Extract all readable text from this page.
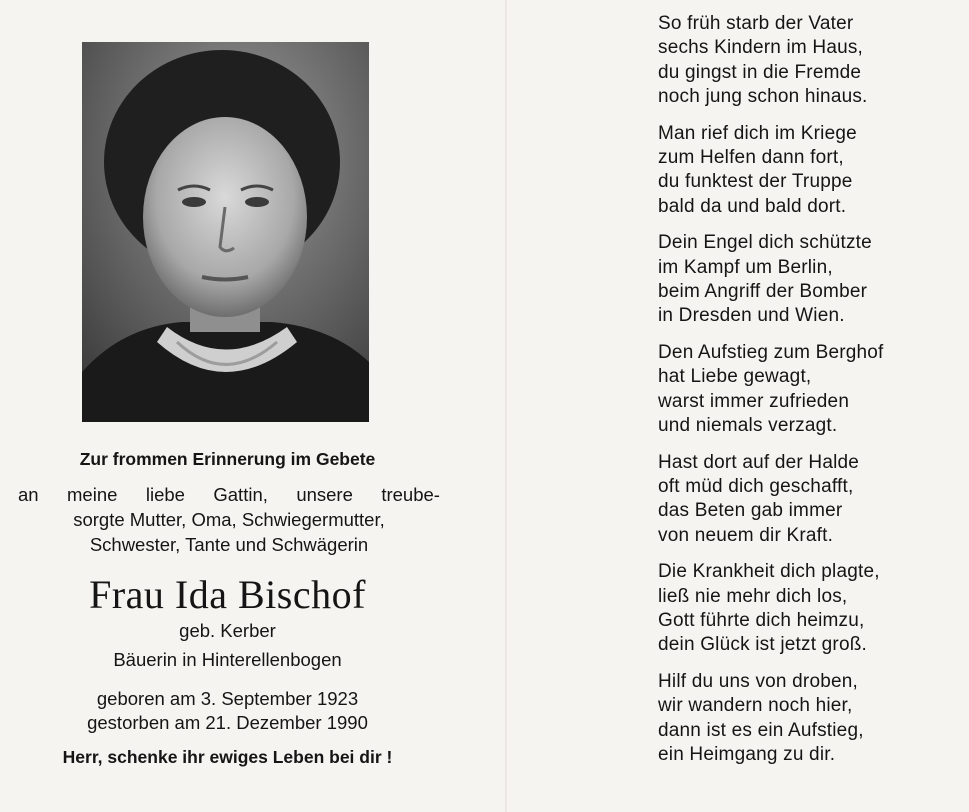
Zur frommen Erinnerung im Gebete
an meine liebe Gattin, unsere treube-
sorgte Mutter, Oma, Schwiegermutter,
Schwester, Tante und Schwägerin
Frau Ida Bischof
geb. Kerber
Bäuerin in Hinterellenbogen
geboren am 3. September 1923
gestorben am 21. Dezember 1990
Herr, schenke ihr ewiges Leben bei dir !
So früh starb der Vater
sechs Kindern im Haus,
du gingst in die Fremde
noch jung schon hinaus.
Man rief dich im Kriege
zum Helfen dann fort,
du funktest der Truppe
bald da und bald dort.
Dein Engel dich schützte
im Kampf um Berlin,
beim Angriff der Bomber
in Dresden und Wien.
Den Aufstieg zum Berghof
hat Liebe gewagt,
warst immer zufrieden
und niemals verzagt.
Hast dort auf der Halde
oft müd dich geschafft,
das Beten gab immer
von neuem dir Kraft.
Die Krankheit dich plagte,
ließ nie mehr dich los,
Gott führte dich heimzu,
dein Glück ist jetzt groß.
Hilf du uns von droben,
wir wandern noch hier,
dann ist es ein Aufstieg,
ein Heimgang zu dir.
